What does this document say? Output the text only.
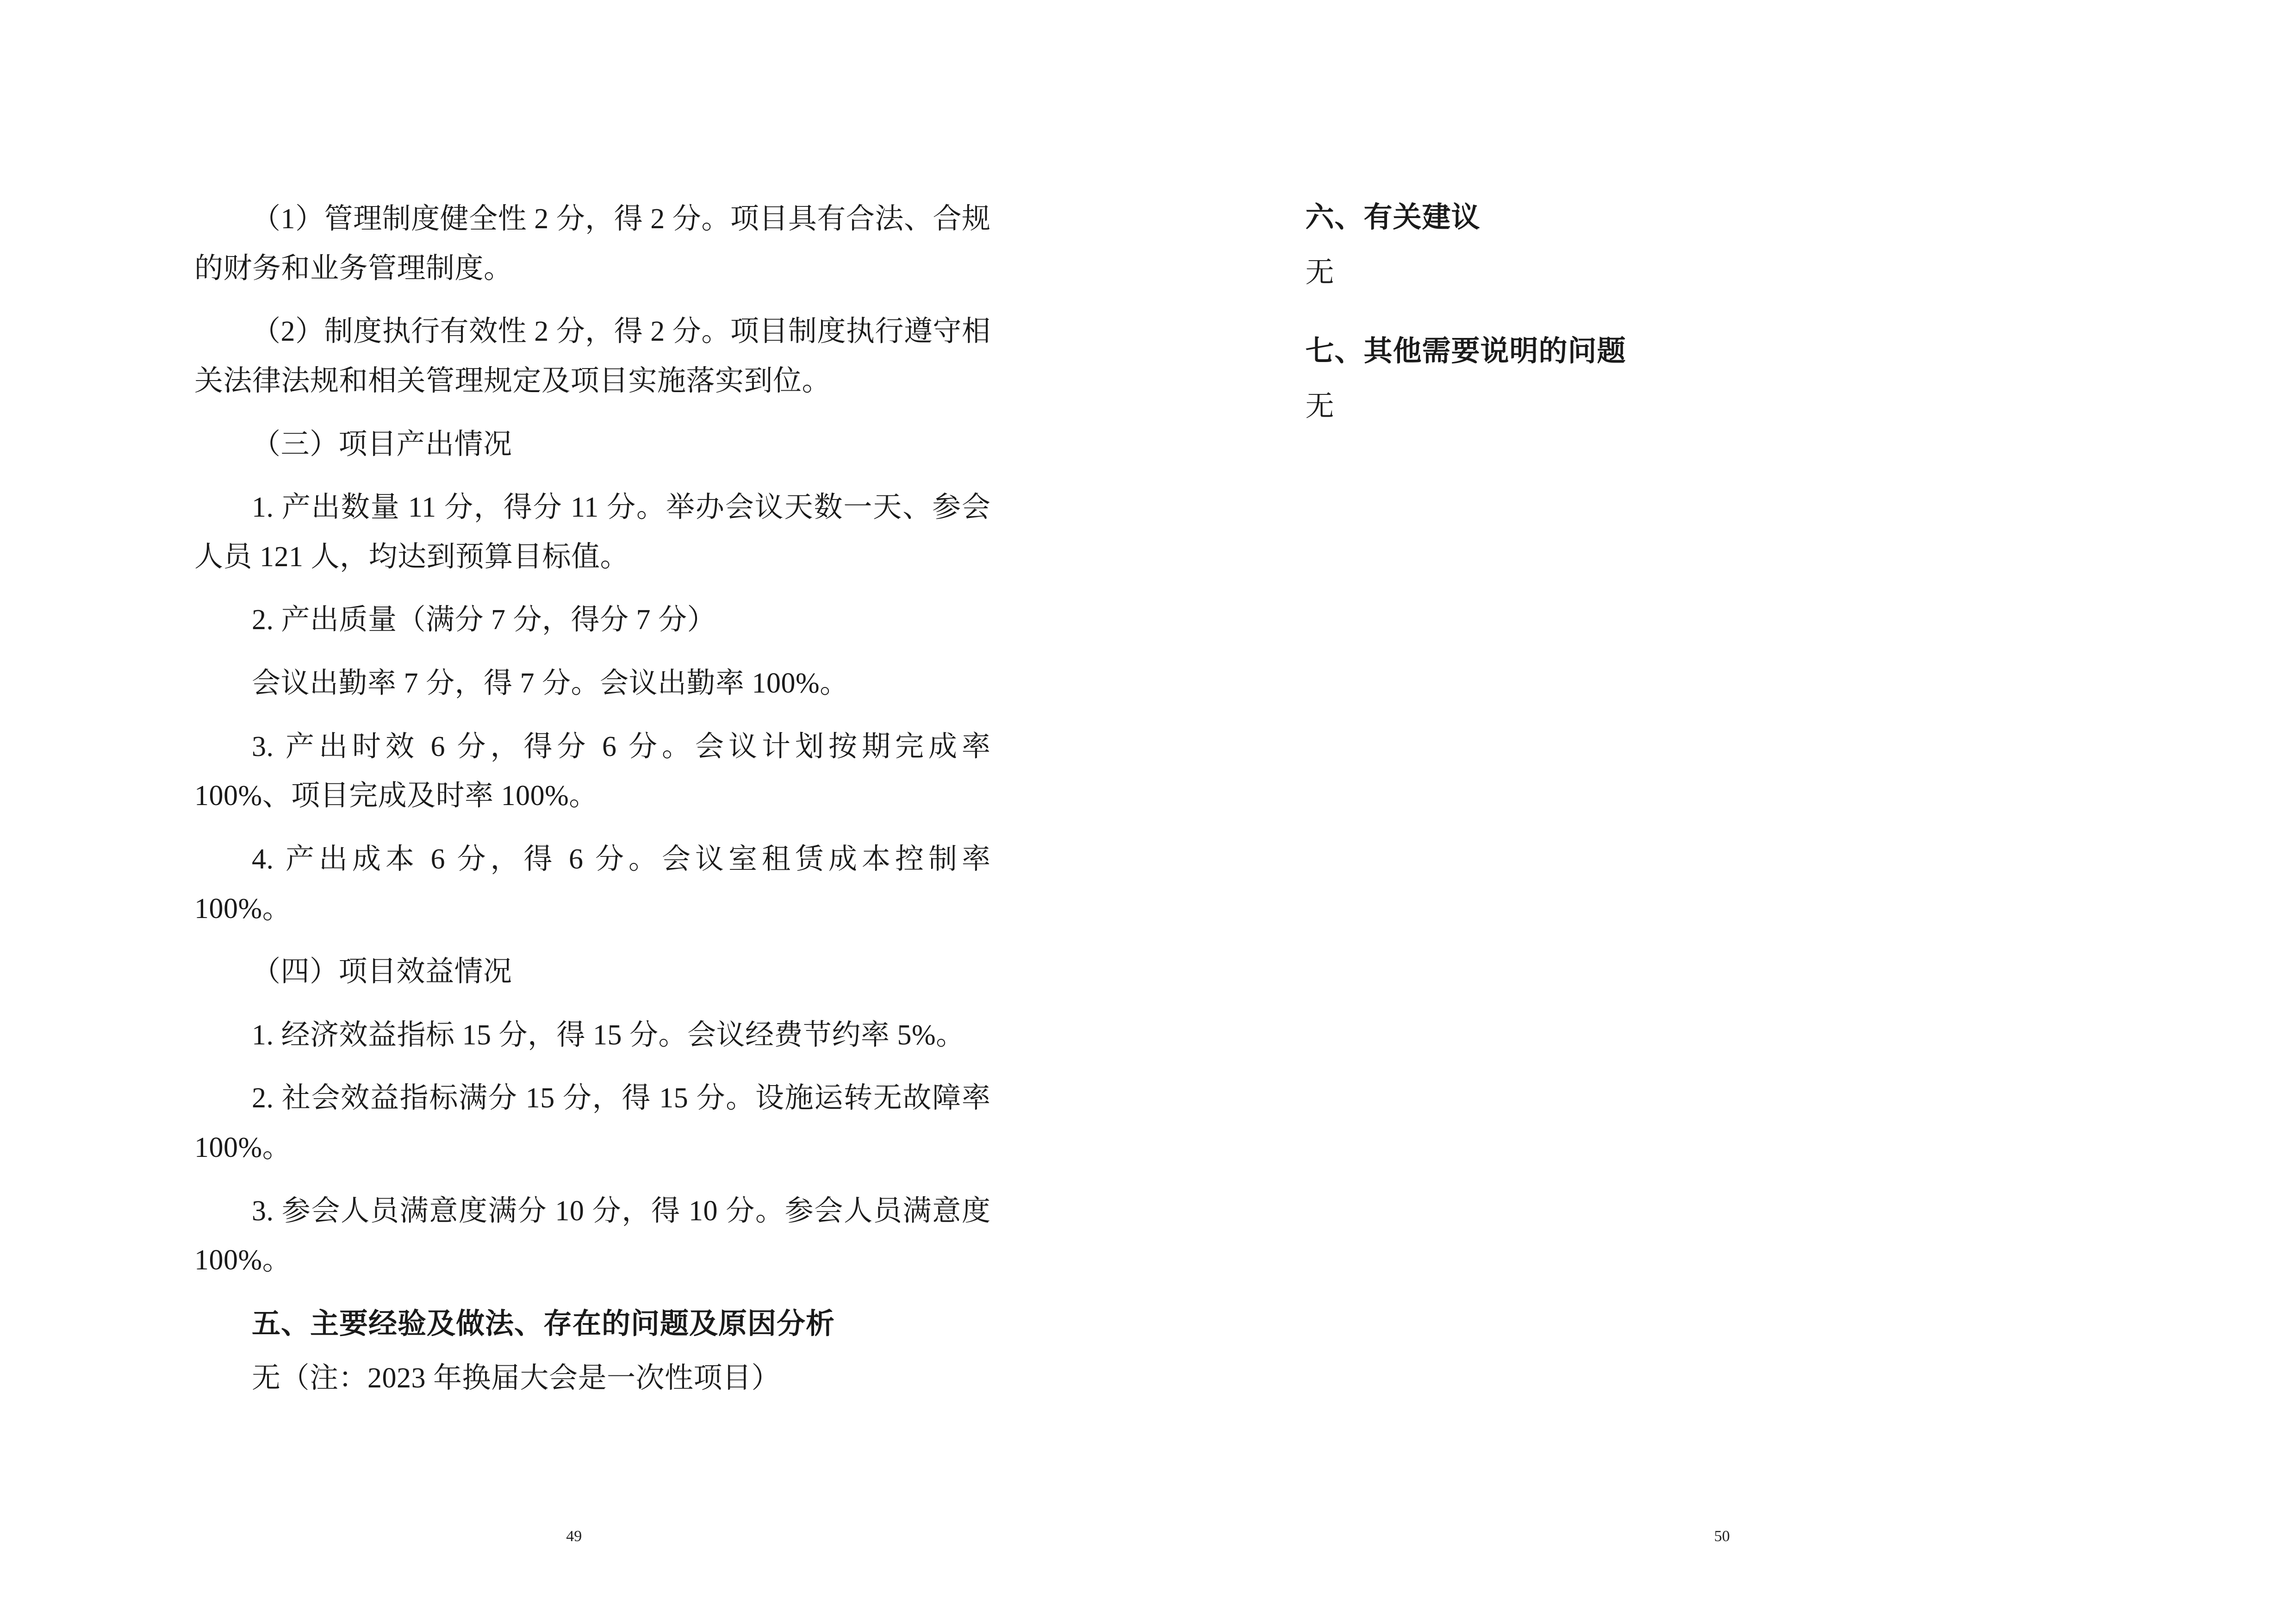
（1）管理制度健全性 2 分，得 2 分。项目具有合法、合规的财务和业务管理制度。

（2）制度执行有效性 2 分，得 2 分。项目制度执行遵守相关法律法规和相关管理规定及项目实施落实到位。

（三）项目产出情况

1. 产出数量 11 分，得分 11 分。举办会议天数一天、参会人员 121 人，均达到预算目标值。

2. 产出质量（满分 7 分，得分 7 分）

会议出勤率 7 分，得 7 分。会议出勤率 100%。

3. 产出时效 6 分，得分 6 分。会议计划按期完成率 100%、项目完成及时率 100%。

4. 产出成本 6 分，得 6 分。会议室租赁成本控制率 100%。

（四）项目效益情况

1. 经济效益指标 15 分，得 15 分。会议经费节约率 5%。

2. 社会效益指标满分 15 分，得 15 分。设施运转无故障率 100%。

3. 参会人员满意度满分 10 分，得 10 分。参会人员满意度 100%。

五、主要经验及做法、存在的问题及原因分析

无（注：2023 年换届大会是一次性项目）

49
六、有关建议

无

七、其他需要说明的问题

无

50
